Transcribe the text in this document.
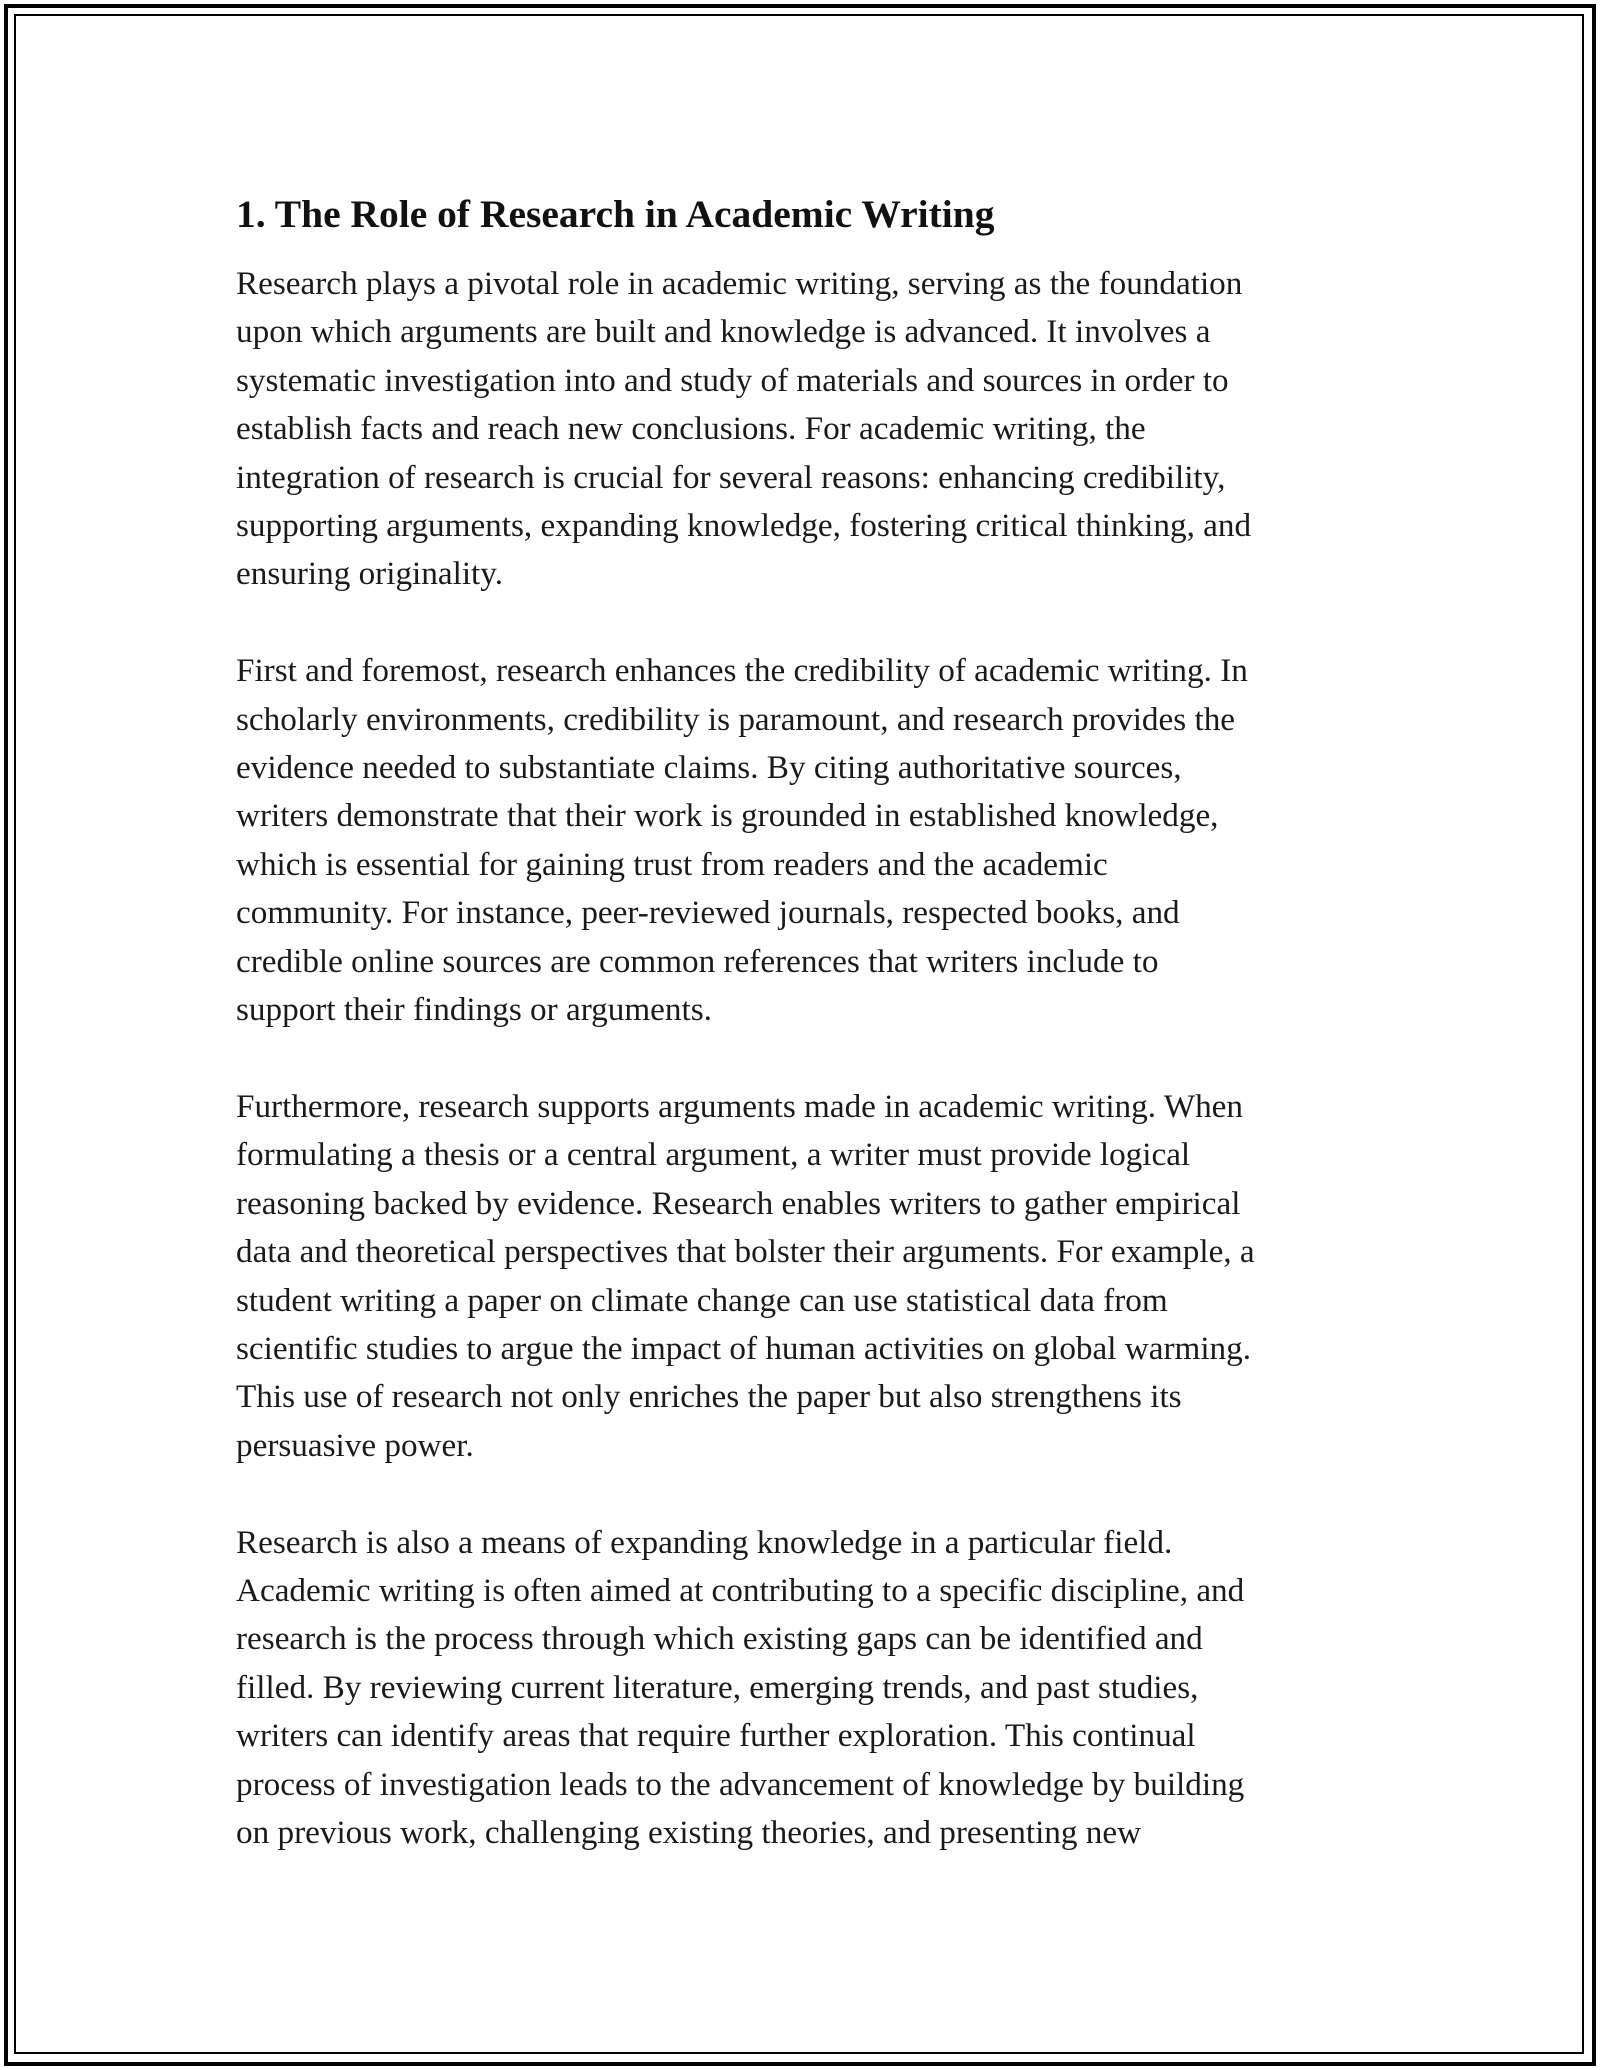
1. The Role of Research in Academic Writing

Research plays a pivotal role in academic writing, serving as the foundation
upon which arguments are built and knowledge is advanced. It involves a
systematic investigation into and study of materials and sources in order to
establish facts and reach new conclusions. For academic writing, the
integration of research is crucial for several reasons: enhancing credibility,
supporting arguments, expanding knowledge, fostering critical thinking, and
ensuring originality.

First and foremost, research enhances the credibility of academic writing. In
scholarly environments, credibility is paramount, and research provides the
evidence needed to substantiate claims. By citing authoritative sources,
writers demonstrate that their work is grounded in established knowledge,
which is essential for gaining trust from readers and the academic
community. For instance, peer-reviewed journals, respected books, and
credible online sources are common references that writers include to
support their findings or arguments.

Furthermore, research supports arguments made in academic writing. When
formulating a thesis or a central argument, a writer must provide logical
reasoning backed by evidence. Research enables writers to gather empirical
data and theoretical perspectives that bolster their arguments. For example, a
student writing a paper on climate change can use statistical data from
scientific studies to argue the impact of human activities on global warming.
This use of research not only enriches the paper but also strengthens its
persuasive power.

Research is also a means of expanding knowledge in a particular field.
Academic writing is often aimed at contributing to a specific discipline, and
research is the process through which existing gaps can be identified and
filled. By reviewing current literature, emerging trends, and past studies,
writers can identify areas that require further exploration. This continual
process of investigation leads to the advancement of knowledge by building
on previous work, challenging existing theories, and presenting new
